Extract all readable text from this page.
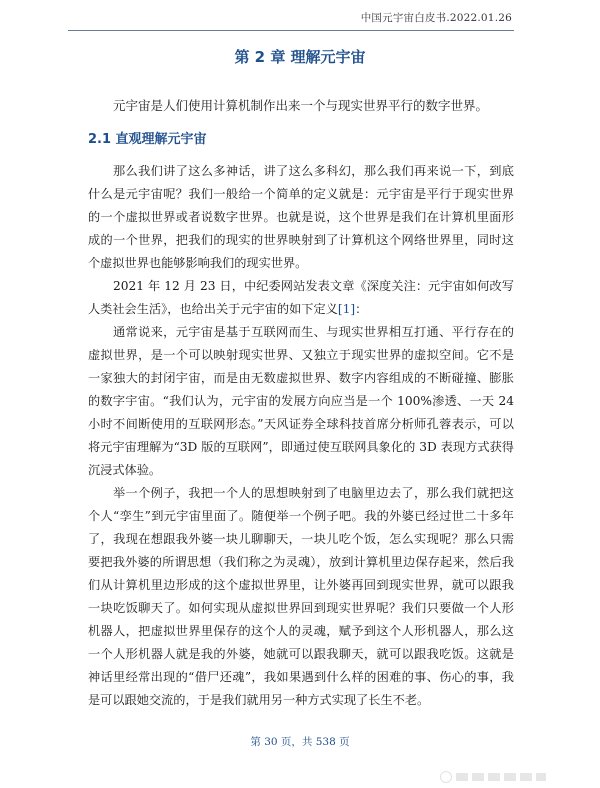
中国元宇宙白皮书.2022.01.26
第 2 章 理解元宇宙

元宇宙是人们使用计算机制作出来一个与现实世界平行的数字世界。

2.1 直观理解元宇宙

那么我们讲了这么多神话，讲了这么多科幻，那么我们再来说一下，到底什么是元宇宙呢？我们一般给一个简单的定义就是：元宇宙是平行于现实世界的一个虚拟世界或者说数字世界。也就是说，这个世界是我们在计算机里面形成的一个世界，把我们的现实的世界映射到了计算机这个网络世界里，同时这个虚拟世界也能够影响我们的现实世界。

2021 年 12 月 23 日，中纪委网站发表文章《深度关注：元宇宙如何改写人类社会生活》，也给出关于元宇宙的如下定义[1]：

通常说来，元宇宙是基于互联网而生、与现实世界相互打通、平行存在的虚拟世界，是一个可以映射现实世界、又独立于现实世界的虚拟空间。它不是一家独大的封闭宇宙，而是由无数虚拟世界、数字内容组成的不断碰撞、膨胀的数字宇宙。“我们认为，元宇宙的发展方向应当是一个 100%渗透、一天 24 小时不间断使用的互联网形态。”天风证券全球科技首席分析师孔蓉表示，可以将元宇宙理解为“3D 版的互联网”，即通过使互联网具象化的 3D 表现方式获得沉浸式体验。

举一个例子，我把一个人的思想映射到了电脑里边去了，那么我们就把这个人“孪生”到元宇宙里面了。随便举一个例子吧。我的外婆已经过世二十多年了，我现在想跟我外婆一块儿聊聊天，一块儿吃个饭，怎么实现呢？那么只需要把我外婆的所谓思想（我们称之为灵魂），放到计算机里边保存起来，然后我们从计算机里边形成的这个虚拟世界里，让外婆再回到现实世界，就可以跟我一块吃饭聊天了。如何实现从虚拟世界回到现实世界呢？我们只要做一个人形机器人，把虚拟世界里保存的这个人的灵魂，赋予到这个人形机器人，那么这一个人形机器人就是我的外婆，她就可以跟我聊天，就可以跟我吃饭。这就是神话里经常出现的“借尸还魂”，我如果遇到什么样的困难的事、伤心的事，我是可以跟她交流的，于是我们就用另一种方式实现了长生不老。

第 30 页，共 538 页
